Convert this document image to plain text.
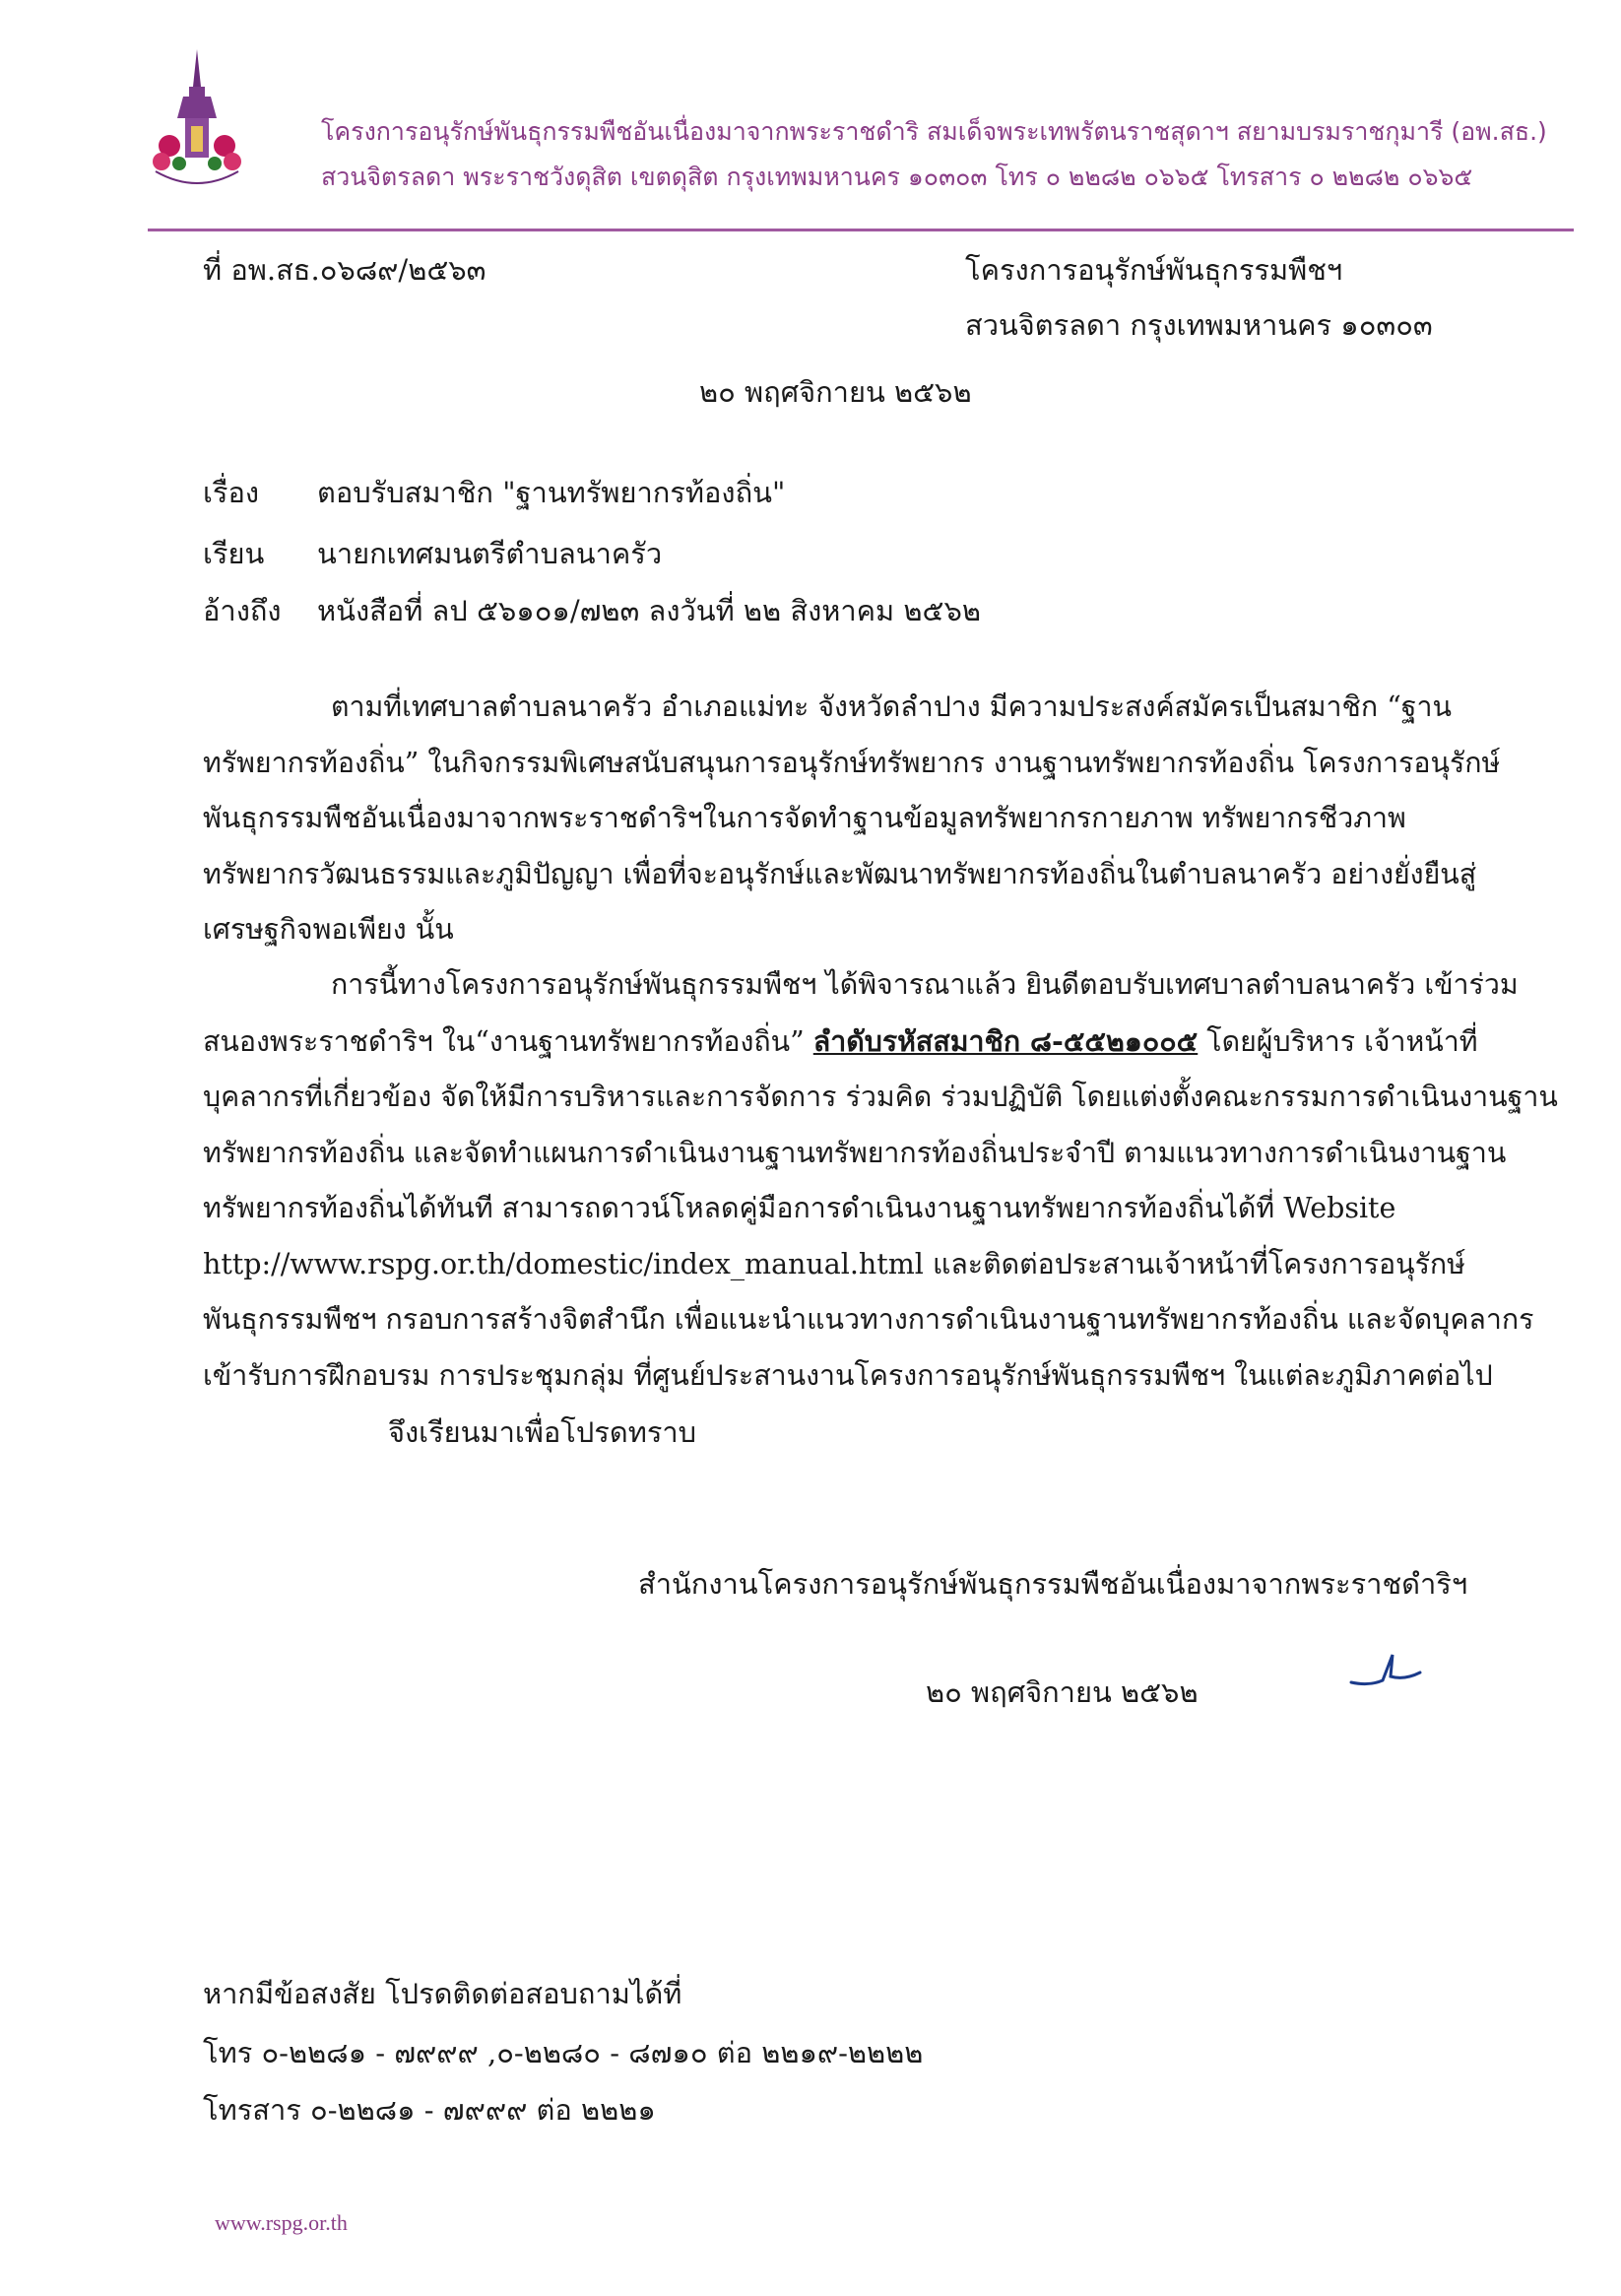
โครงการอนุรักษ์พันธุกรรมพืชอันเนื่องมาจากพระราชดำริ สมเด็จพระเทพรัตนราชสุดาฯ สยามบรมราชกุมารี (อพ.สธ.)
สวนจิตรลดา พระราชวังดุสิต เขตดุสิต กรุงเทพมหานคร ๑๐๓๐๓ โทร ๐ ๒๒๘๒ ๐๖๖๕ โทรสาร ๐ ๒๒๘๒ ๐๖๖๕
ที่ อพ.สธ.๐๖๘๙/๒๕๖๓	โครงการอนุรักษ์พันธุกรรมพืชฯ
สวนจิตรลดา กรุงเทพมหานคร ๑๐๓๐๓
๒๐ พฤศจิกายน ๒๕๖๒
เรื่อง ตอบรับสมาชิก "ฐานทรัพยากรท้องถิ่น"
เรียน นายกเทศมนตรีตำบลนาครัว
อ้างถึง หนังสือที่ ลป ๕๖๑๐๑/๗๒๓ ลงวันที่ ๒๒ สิงหาคม ๒๕๖๒
ตามที่เทศบาลตำบลนาครัว อำเภอแม่ทะ จังหวัดลำปาง มีความประสงค์สมัครเป็นสมาชิก “ฐาน
ทรัพยากรท้องถิ่น” ในกิจกรรมพิเศษสนับสนุนการอนุรักษ์ทรัพยากร งานฐานทรัพยากรท้องถิ่น โครงการอนุรักษ์
พันธุกรรมพืชอันเนื่องมาจากพระราชดำริฯในการจัดทำฐานข้อมูลทรัพยากรกายภาพ ทรัพยากรชีวภาพ
ทรัพยากรวัฒนธรรมและภูมิปัญญา เพื่อที่จะอนุรักษ์และพัฒนาทรัพยากรท้องถิ่นในตำบลนาครัว อย่างยั่งยืนสู่
เศรษฐกิจพอเพียง นั้น
การนี้ทางโครงการอนุรักษ์พันธุกรรมพืชฯ ได้พิจารณาแล้ว ยินดีตอบรับเทศบาลตำบลนาครัว เข้าร่วม
สนองพระราชดำริฯ ใน“งานฐานทรัพยากรท้องถิ่น” ลำดับรหัสสมาชิก ๘-๕๕๒๑๐๐๕ โดยผู้บริหาร เจ้าหน้าที่
บุคลากรที่เกี่ยวข้อง จัดให้มีการบริหารและการจัดการ ร่วมคิด ร่วมปฏิบัติ โดยแต่งตั้งคณะกรรมการดำเนินงานฐาน
ทรัพยากรท้องถิ่น และจัดทำแผนการดำเนินงานฐานทรัพยากรท้องถิ่นประจำปี ตามแนวทางการดำเนินงานฐาน
ทรัพยากรท้องถิ่นได้ทันที สามารถดาวน์โหลดคู่มือการดำเนินงานฐานทรัพยากรท้องถิ่นได้ที่ Website
http://www.rspg.or.th/domestic/index_manual.html และติดต่อประสานเจ้าหน้าที่โครงการอนุรักษ์
พันธุกรรมพืชฯ กรอบการสร้างจิตสำนึก เพื่อแนะนำแนวทางการดำเนินงานฐานทรัพยากรท้องถิ่น และจัดบุคลากร
เข้ารับการฝึกอบรม การประชุมกลุ่ม ที่ศูนย์ประสานงานโครงการอนุรักษ์พันธุกรรมพืชฯ ในแต่ละภูมิภาคต่อไป
จึงเรียนมาเพื่อโปรดทราบ
สำนักงานโครงการอนุรักษ์พันธุกรรมพืชอันเนื่องมาจากพระราชดำริฯ
๒๐ พฤศจิกายน ๒๕๖๒
หากมีข้อสงสัย โปรดติดต่อสอบถามได้ที่
โทร ๐-๒๒๘๑ - ๗๙๙๙ ,๐-๒๒๘๐ - ๘๗๑๐ ต่อ ๒๒๑๙-๒๒๒๒
โทรสาร ๐-๒๒๘๑ - ๗๙๙๙ ต่อ ๒๒๒๑
www.rspg.or.th
